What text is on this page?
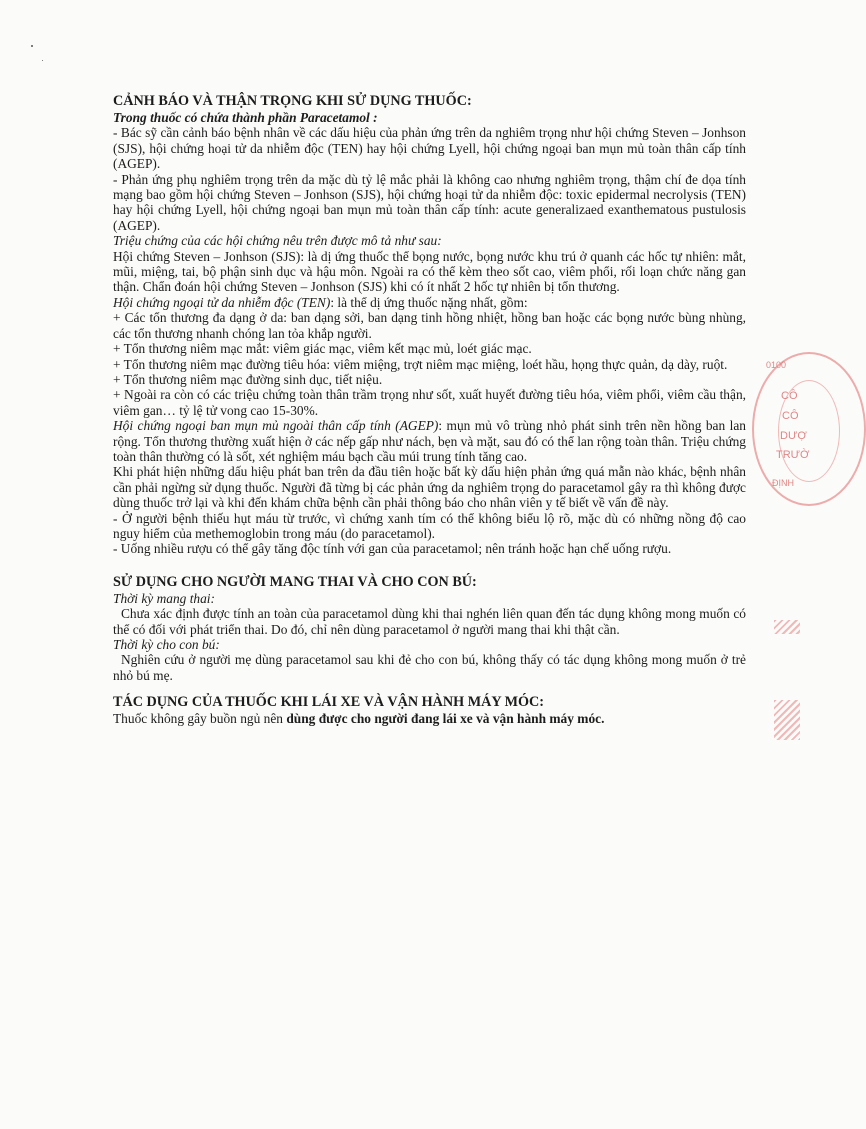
CẢNH BÁO VÀ THẬN TRỌNG KHI SỬ DỤNG THUỐC:

Trong thuốc có chứa thành phần Paracetamol :

- Bác sỹ cần cảnh báo bệnh nhân về các dấu hiệu của phản ứng trên da nghiêm trọng như hội chứng Steven – Jonhson (SJS), hội chứng hoại tử da nhiễm độc (TEN) hay hội chứng Lyell, hội chứng ngoại ban mụn mủ toàn thân cấp tính (AGEP).

- Phản ứng phụ nghiêm trọng trên da mặc dù tỷ lệ mắc phải là không cao nhưng nghiêm trọng, thậm chí đe dọa tính mạng bao gồm hội chứng Steven – Jonhson (SJS), hội chứng hoại tử da nhiễm độc: toxic epidermal necrolysis (TEN) hay hội chứng Lyell, hội chứng ngoại ban mụn mủ toàn thân cấp tính: acute generalizaed exanthematous pustulosis (AGEP).

Triệu chứng của các hội chứng nêu trên được mô tả như sau:

Hội chứng Steven – Jonhson (SJS): là dị ứng thuốc thể bọng nước, bọng nước khu trú ở quanh các hốc tự nhiên: mắt, mũi, miệng, tai, bộ phận sinh dục và hậu môn. Ngoài ra có thể kèm theo sốt cao, viêm phổi, rối loạn chức năng gan thận. Chẩn đoán hội chứng Steven – Jonhson (SJS) khi có ít nhất 2 hốc tự nhiên bị tổn thương.

Hội chứng ngoại tử da nhiễm độc (TEN): là thể dị ứng thuốc nặng nhất, gồm:

+ Các tổn thương đa dạng ở da: ban dạng sởi, ban dạng tinh hồng nhiệt, hồng ban hoặc các bọng nước bùng nhùng, các tổn thương nhanh chóng lan tỏa khắp người.

+ Tổn thương niêm mạc mắt: viêm giác mạc, viêm kết mạc mủ, loét giác mạc.

+ Tổn thương niêm mạc đường tiêu hóa: viêm miệng, trợt niêm mạc miệng, loét hầu, họng thực quản, dạ dày, ruột.

+ Tổn thương niêm mạc đường sinh dục, tiết niệu.

+ Ngoài ra còn có các triệu chứng toàn thân trầm trọng như sốt, xuất huyết đường tiêu hóa, viêm phổi, viêm cầu thận, viêm gan… tỷ lệ tử vong cao 15-30%.

Hội chứng ngoại ban mụn mủ ngoài thân cấp tính (AGEP): mụn mủ vô trùng nhỏ phát sinh trên nền hồng ban lan rộng. Tổn thương thường xuất hiện ở các nếp gấp như nách, bẹn và mặt, sau đó có thể lan rộng toàn thân. Triệu chứng toàn thân thường có là sốt, xét nghiệm máu bạch cầu múi trung tính tăng cao.

Khi phát hiện những dấu hiệu phát ban trên da đầu tiên hoặc bất kỳ dấu hiện phản ứng quá mẫn nào khác, bệnh nhân cần phải ngừng sử dụng thuốc. Người đã từng bị các phản ứng da nghiêm trọng do paracetamol gây ra thì không được dùng thuốc trở lại và khi đến khám chữa bệnh cần phải thông báo cho nhân viên y tế biết về vấn đề này.

- Ở người bệnh thiếu hụt máu từ trước, vì chứng xanh tím có thể không biểu lộ rõ, mặc dù có những nồng độ cao nguy hiểm của methemoglobin trong máu (do paracetamol).

- Uống nhiều rượu có thể gây tăng độc tính với gan của paracetamol; nên tránh hoặc hạn chế uống rượu.

SỬ DỤNG CHO NGƯỜI MANG THAI VÀ CHO CON BÚ:

Thời kỳ mang thai:

Chưa xác định được tính an toàn của paracetamol dùng khi thai nghén liên quan đến tác dụng không mong muốn có thể có đối với phát triển thai. Do đó, chỉ nên dùng paracetamol ở người mang thai khi thật cần.

Thời kỳ cho con bú:

Nghiên cứu ở người mẹ dùng paracetamol sau khi đẻ cho con bú, không thấy có tác dụng không mong muốn ở trẻ nhỏ bú mẹ.

TÁC DỤNG CỦA THUỐC KHI LÁI XE VÀ VẬN HÀNH MÁY MÓC:

Thuốc không gây buồn ngủ nên dùng được cho người đang lái xe và vận hành máy móc.

0100
CÔ
CÔ
DƯỢ
TRƯỜ
ĐỊNH
